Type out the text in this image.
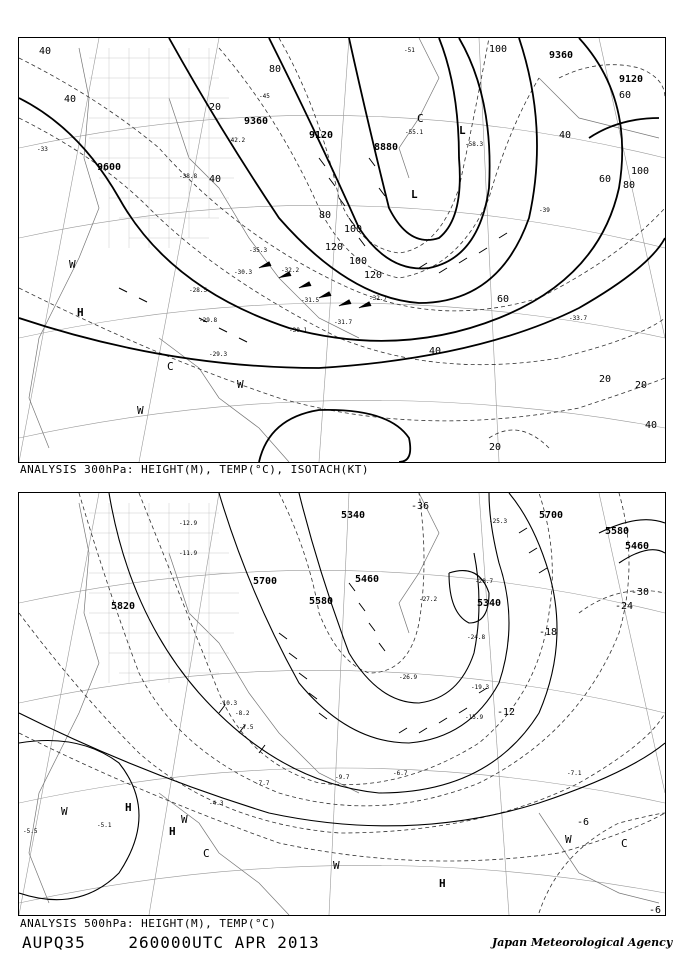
9600
9360
9120
8880
9360
9120
40
40
20
80
80
100
100
100
120
60
40
40
60
80
100
120
60
40
20
20
40
20
-33
-39
-45
-51
-55.1
-58.3
-42.2
-38.8
-35.3
-32.2
-30.3
-31.5	-32.7
-29.8
-29.3
-33.7
-31.7
-28.5
-30.1
H
L
L
C
C
W
W
W
ANALYSIS 300hPa: HEIGHT(M), TEMP(°C), ISOTACH(KT)
5340	5700
5580
5460
5820
5700
5580
5460
5340
-36
-30
-24
-18
-12
-6
-6
-25.3
-28.7
-27.2
-26.9
-24.8
-19.3
-15.9
-12.9
-11.9
-10.3
-8.2
-7.7
-7.5
-6.7
-4.3
-7.1
-5.1
-5.5
-9.7
H
H
H
C
C
W
W
W
W
ANALYSIS 500hPa: HEIGHT(M), TEMP(°C)
AUPQ35	260000UTC APR 2013	Japan Meteorological Agency
